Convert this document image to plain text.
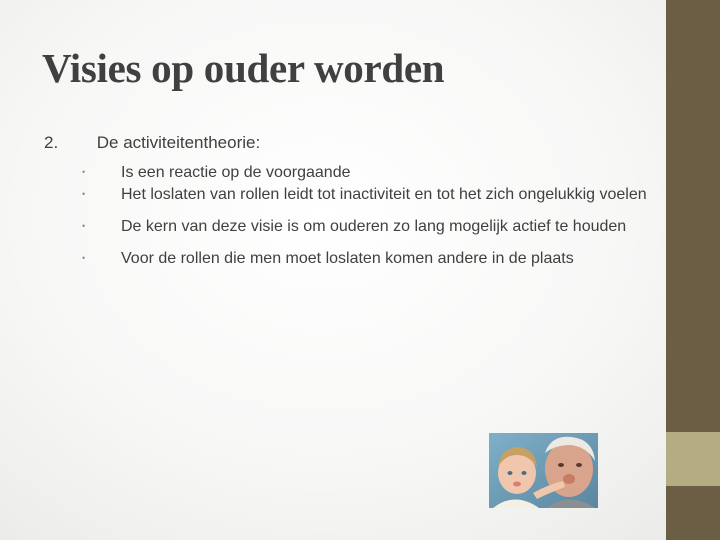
Visies op ouder worden
2. De activiteitentheorie:
• Is een reactie op de voorgaande
• Het loslaten van rollen leidt tot inactiviteit en tot het zich ongelukkig voelen
• De kern van deze visie is om ouderen zo lang mogelijk actief te houden
• Voor de rollen die men moet loslaten komen andere in de plaats
